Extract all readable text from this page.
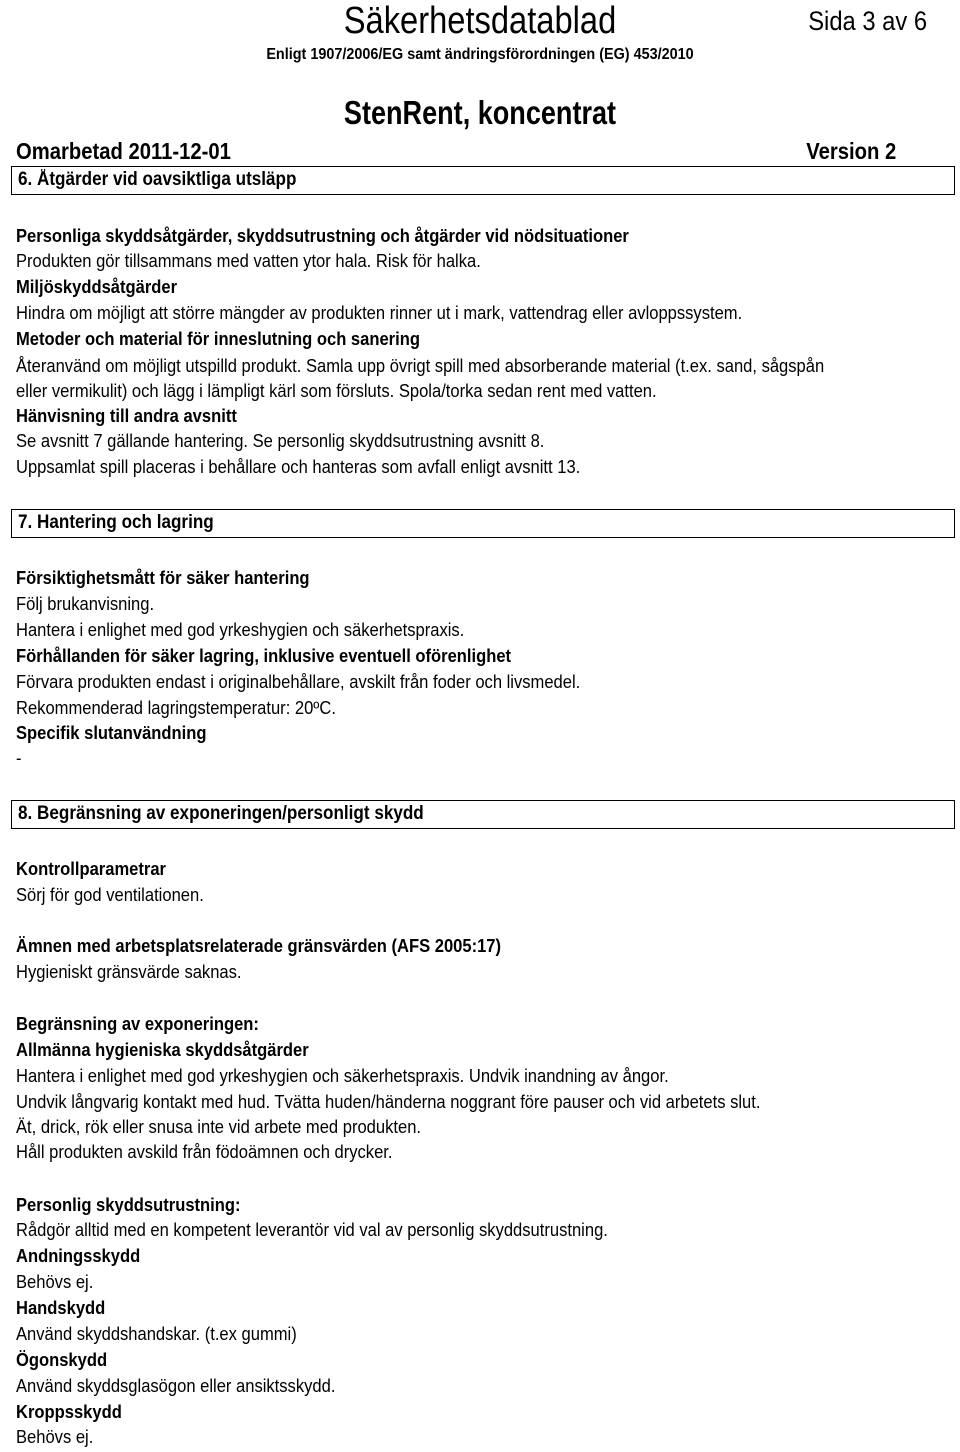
Säkerhetsdatablad	Sida 3 av 6
Enligt 1907/2006/EG samt ändringsförordningen (EG) 453/2010
StenRent, koncentrat
Omarbetad 2011-12-01	Version 2
6. Åtgärder vid oavsiktliga utsläpp
Personliga skyddsåtgärder, skyddsutrustning och åtgärder vid nödsituationer
Produkten gör tillsammans med vatten ytor hala. Risk för halka.
Miljöskyddsåtgärder
Hindra om möjligt att större mängder av produkten rinner ut i mark, vattendrag eller avloppssystem.
Metoder och material för inneslutning och sanering
Återanvänd om möjligt utspilld produkt. Samla upp övrigt spill med absorberande material (t.ex. sand, sågspån
eller vermikulit) och lägg i lämpligt kärl som försluts. Spola/torka sedan rent med vatten.
Hänvisning till andra avsnitt
Se avsnitt 7 gällande hantering. Se personlig skyddsutrustning avsnitt 8.
Uppsamlat spill placeras i behållare och hanteras som avfall enligt avsnitt 13.
7. Hantering och lagring
Försiktighetsmått för säker hantering
Följ brukanvisning.
Hantera i enlighet med god yrkeshygien och säkerhetspraxis.
Förhållanden för säker lagring, inklusive eventuell oförenlighet
Förvara produkten endast i originalbehållare, avskilt från foder och livsmedel.
Rekommenderad lagringstemperatur: 20ºC.
Specifik slutanvändning
-
8. Begränsning av exponeringen/personligt skydd
Kontrollparametrar
Sörj för god ventilationen.
Ämnen med arbetsplatsrelaterade gränsvärden (AFS 2005:17)
Hygieniskt gränsvärde saknas.
Begränsning av exponeringen:
Allmänna hygieniska skyddsåtgärder
Hantera i enlighet med god yrkeshygien och säkerhetspraxis. Undvik inandning av ångor.
Undvik långvarig kontakt med hud. Tvätta huden/händerna noggrant före pauser och vid arbetets slut.
Ät, drick, rök eller snusa inte vid arbete med produkten.
Håll produkten avskild från födoämnen och drycker.
Personlig skyddsutrustning:
Rådgör alltid med en kompetent leverantör vid val av personlig skyddsutrustning.
Andningsskydd
Behövs ej.
Handskydd
Använd skyddshandskar. (t.ex gummi)
Ögonskydd
Använd skyddsglasögon eller ansiktsskydd.
Kroppsskydd
Behövs ej.
